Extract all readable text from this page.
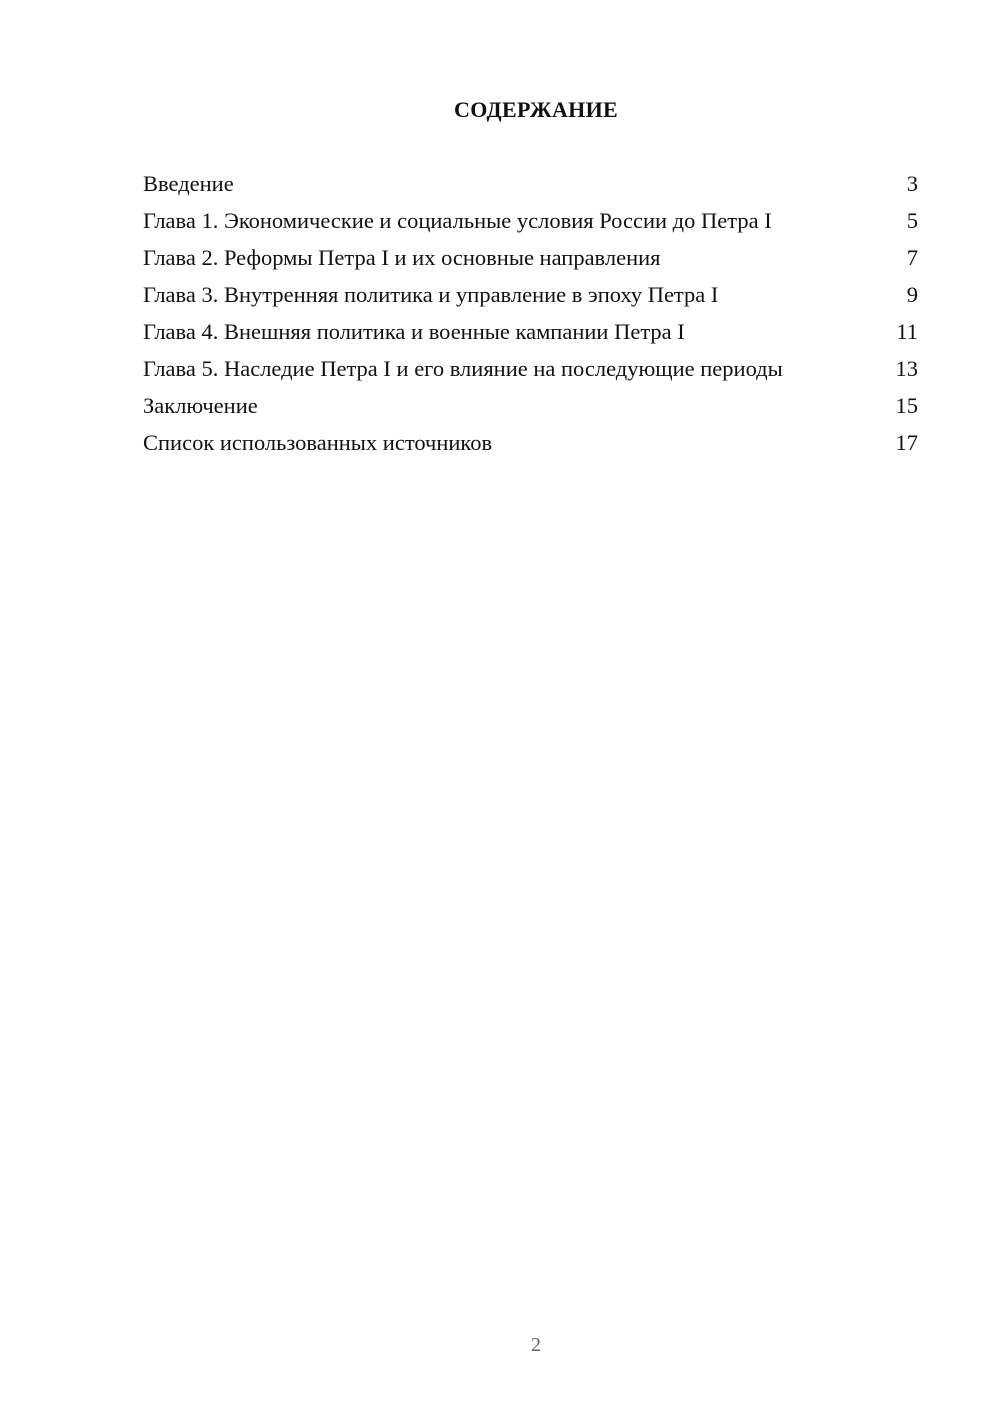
СОДЕРЖАНИЕ
Введение	3
Глава 1. Экономические и социальные условия России до Петра I	5
Глава 2. Реформы Петра I и их основные направления	7
Глава 3. Внутренняя политика и управление в эпоху Петра I	9
Глава 4. Внешняя политика и военные кампании Петра I	11
Глава 5. Наследие Петра I и его влияние на последующие периоды	13
Заключение	15
Список использованных источников	17
2
